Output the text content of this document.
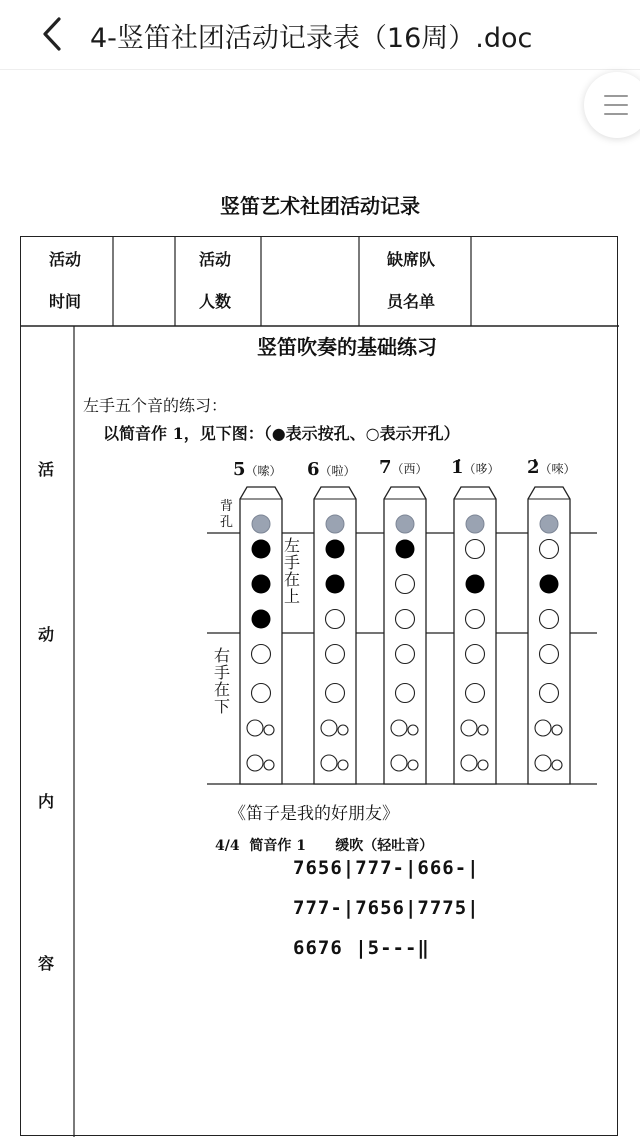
4-竖笛社团活动记录表（16周）.doc
竖笛艺术社团活动记录
活动
时间
活动
人数
缺席队
员名单
活
动
内
容
竖笛吹奏的基础练习
左手五个音的练习：
以简音作 1，见下图：（●表示按孔、○表示开孔）
5（嗦） 6（啦） 7（西） 1̇（哆） 2̇（唻）
背
孔
左
手
在
上
右
手
在
下
《笛子是我的好朋友》
4/4  简音作 1      缓吹（轻吐音）
7656|777-|666-|
777-|7656|7775|
6676 |5---‖
